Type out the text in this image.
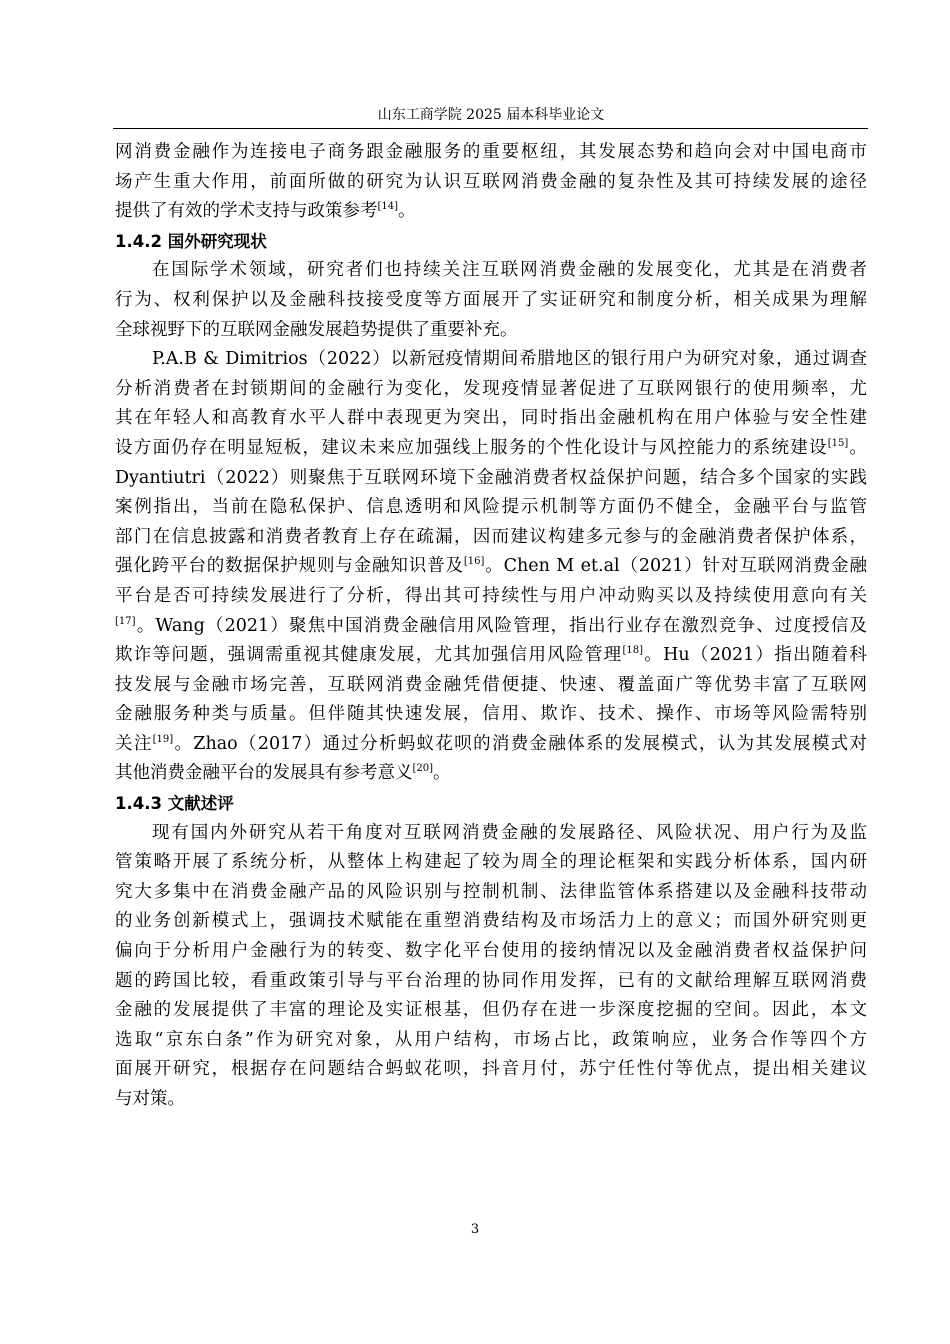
山东工商学院 2025 届本科毕业论文
网消费金融作为连接电子商务跟金融服务的重要枢纽，其发展态势和趋向会对中国电商市
场产生重大作用，前面所做的研究为认识互联网消费金融的复杂性及其可持续发展的途径
提供了有效的学术支持与政策参考[14]。
1.4.2 国外研究现状
在国际学术领域，研究者们也持续关注互联网消费金融的发展变化，尤其是在消费者
行为、权利保护以及金融科技接受度等方面展开了实证研究和制度分析，相关成果为理解
全球视野下的互联网金融发展趋势提供了重要补充。
P.A.B & Dimitrios（2022）以新冠疫情期间希腊地区的银行用户为研究对象，通过调查
分析消费者在封锁期间的金融行为变化，发现疫情显著促进了互联网银行的使用频率，尤
其在年轻人和高教育水平人群中表现更为突出，同时指出金融机构在用户体验与安全性建
设方面仍存在明显短板，建议未来应加强线上服务的个性化设计与风控能力的系统建设[15]。
Dyantiutri（2022）则聚焦于互联网环境下金融消费者权益保护问题，结合多个国家的实践
案例指出，当前在隐私保护、信息透明和风险提示机制等方面仍不健全，金融平台与监管
部门在信息披露和消费者教育上存在疏漏，因而建议构建多元参与的金融消费者保护体系，
强化跨平台的数据保护规则与金融知识普及[16]。Chen M et.al（2021）针对互联网消费金融
平台是否可持续发展进行了分析，得出其可持续性与用户冲动购买以及持续使用意向有关
[17]。Wang（2021）聚焦中国消费金融信用风险管理，指出行业存在激烈竞争、过度授信及
欺诈等问题，强调需重视其健康发展，尤其加强信用风险管理[18]。Hu（2021）指出随着科
技发展与金融市场完善，互联网消费金融凭借便捷、快速、覆盖面广等优势丰富了互联网
金融服务种类与质量。但伴随其快速发展，信用、欺诈、技术、操作、市场等风险需特别
关注[19]。Zhao（2017）通过分析蚂蚁花呗的消费金融体系的发展模式，认为其发展模式对
其他消费金融平台的发展具有参考意义[20]。
1.4.3 文献述评
现有国内外研究从若干角度对互联网消费金融的发展路径、风险状况、用户行为及监
管策略开展了系统分析，从整体上构建起了较为周全的理论框架和实践分析体系，国内研
究大多集中在消费金融产品的风险识别与控制机制、法律监管体系搭建以及金融科技带动
的业务创新模式上，强调技术赋能在重塑消费结构及市场活力上的意义；而国外研究则更
偏向于分析用户金融行为的转变、数字化平台使用的接纳情况以及金融消费者权益保护问
题的跨国比较，看重政策引导与平台治理的协同作用发挥，已有的文献给理解互联网消费
金融的发展提供了丰富的理论及实证根基，但仍存在进一步深度挖掘的空间。因此，本文
选取“京东白条”作为研究对象，从用户结构，市场占比，政策响应，业务合作等四个方
面展开研究，根据存在问题结合蚂蚁花呗，抖音月付，苏宁任性付等优点，提出相关建议
与对策。
3
